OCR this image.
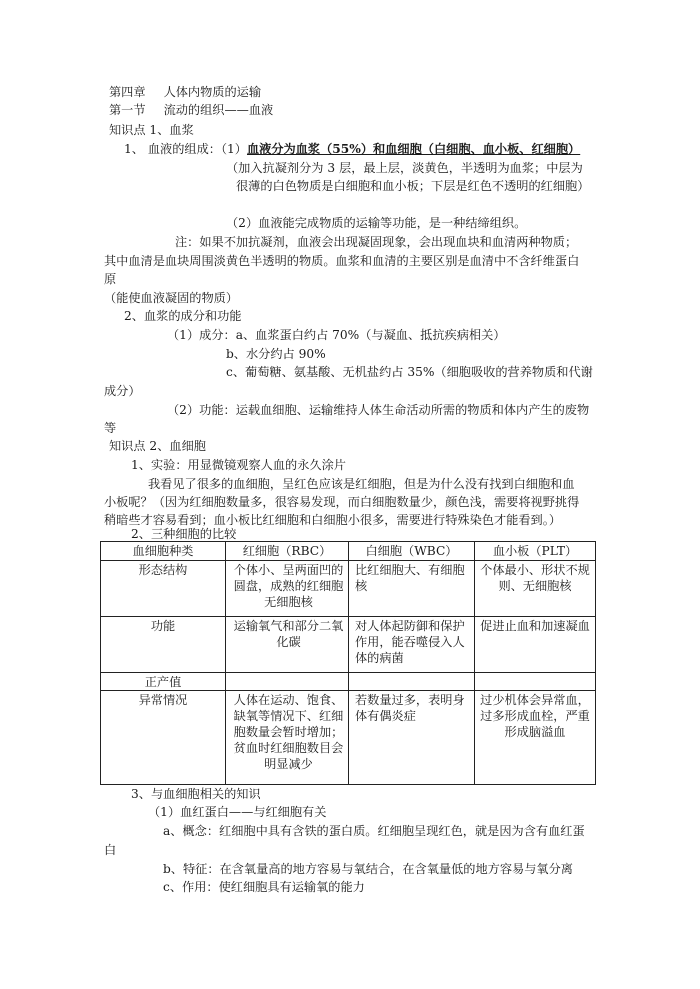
第四章 人体内物质的运输
第一节 流动的组织——血液
知识点 1、血浆
1、 血液的组成：（1）血液分为血浆（55%）和血细胞（白细胞、血小板、红细胞）
（加入抗凝剂分为 3 层，最上层，淡黄色，半透明为血浆；中层为
很薄的白色物质是白细胞和血小板；下层是红色不透明的红细胞）
（2）血液能完成物质的运输等功能，是一种结缔组织。
注：如果不加抗凝剂，血液会出现凝固现象，会出现血块和血清两种物质；
其中血清是血块周围淡黄色半透明的物质。血浆和血清的主要区别是血清中不含纤维蛋白
原
（能使血液凝固的物质）
2、血浆的成分和功能
（1）成分：a、血浆蛋白约占 70%（与凝血、抵抗疾病相关）
b、水分约占 90%
c、葡萄糖、氨基酸、无机盐约占 35%（细胞吸收的营养物质和代谢
成分）
（2）功能：运载血细胞、运输维持人体生命活动所需的物质和体内产生的废物
等
知识点 2、血细胞
1、实验：用显微镜观察人血的永久涂片
我看见了很多的血细胞，呈红色应该是红细胞，但是为什么没有找到白细胞和血
小板呢？（因为红细胞数量多，很容易发现，而白细胞数量少，颜色浅，需要将视野挑得
稍暗些才容易看到；血小板比红细胞和白细胞小很多，需要进行特殊染色才能看到。）
2、三种细胞的比较
血细胞种类	红细胞（RBC）	白细胞（WBC）	血小板（PLT）
形态结构	个体小、呈两面凹的圆盘，成熟的红细胞无细胞核	比红细胞大、有细胞核	个体最小、形状不规则、无细胞核
功能	运输氧气和部分二氧化碳	对人体起防御和保护作用，能吞噬侵入人体的病菌	促进止血和加速凝血
正产值			
异常情况	人体在运动、饱食、缺氧等情况下、红细胞数量会暂时增加；贫血时红细胞数目会明显减少	若数量过多，表明身体有偶炎症	过少机体会异常血，过多形成血栓，严重形成脑溢血
3、与血细胞相关的知识
（1）血红蛋白——与红细胞有关
a、概念：红细胞中具有含铁的蛋白质。红细胞呈现红色，就是因为含有血红蛋
白
b、特征：在含氧量高的地方容易与氧结合，在含氧量低的地方容易与氧分离
c、作用：使红细胞具有运输氧的能力
